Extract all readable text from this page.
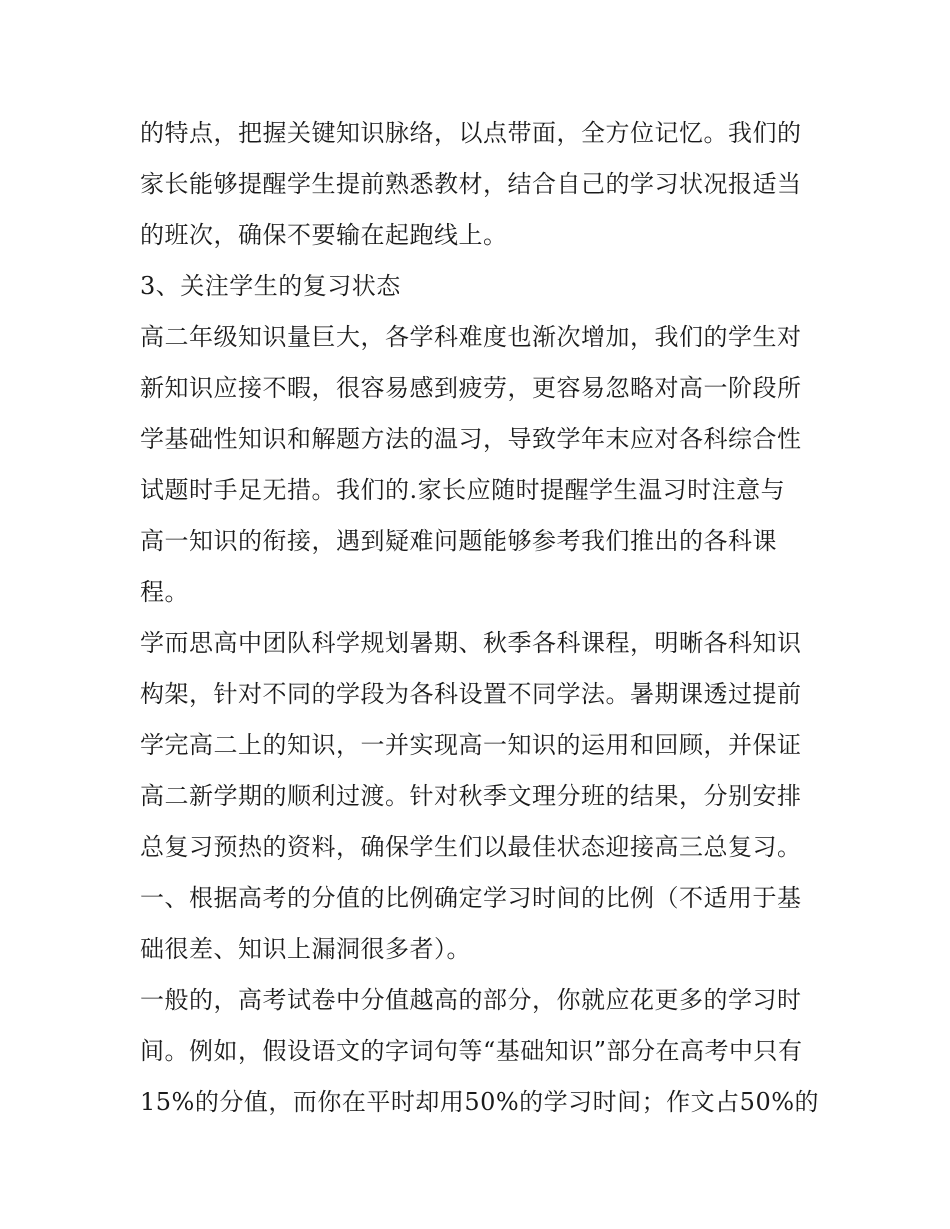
的特点，把握关键知识脉络，以点带面，全方位记忆。我们的
家长能够提醒学生提前熟悉教材，结合自己的学习状况报适当
的班次，确保不要输在起跑线上。
3、关注学生的复习状态
高二年级知识量巨大，各学科难度也渐次增加，我们的学生对
新知识应接不暇，很容易感到疲劳，更容易忽略对高一阶段所
学基础性知识和解题方法的温习，导致学年末应对各科综合性
试题时手足无措。我们的.家长应随时提醒学生温习时注意与
高一知识的衔接，遇到疑难问题能够参考我们推出的各科课
程。
学而思高中团队科学规划暑期、秋季各科课程，明晰各科知识
构架，针对不同的学段为各科设置不同学法。暑期课透过提前
学完高二上的知识，一并实现高一知识的运用和回顾，并保证
高二新学期的顺利过渡。针对秋季文理分班的结果，分别安排
总复习预热的资料，确保学生们以最佳状态迎接高三总复习。
一、根据高考的分值的比例确定学习时间的比例（不适用于基
础很差、知识上漏洞很多者）。
一般的，高考试卷中分值越高的部分，你就应花更多的学习时
间。例如，假设语文的字词句等“基础知识”部分在高考中只有
15%的分值，而你在平时却用50%的学习时间；作文占50%的
